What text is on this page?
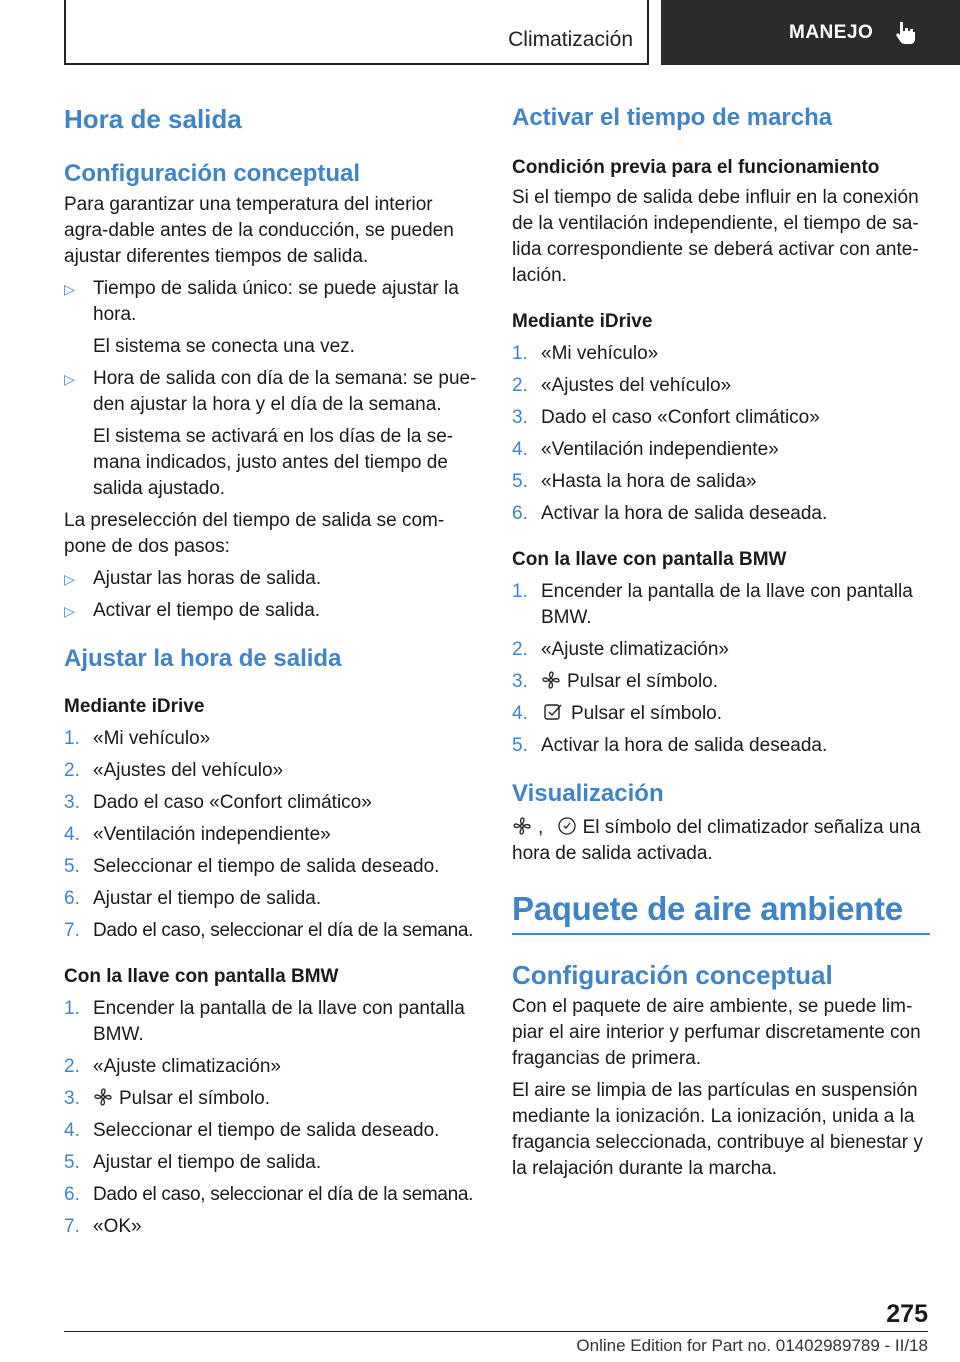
Climatización	MANEJO
Hora de salida
Configuración conceptual

Para garantizar una temperatura del interior agra-dable antes de la conducción, se pueden ajustar diferentes tiempos de salida.

▷ Tiempo de salida único: se puede ajustar la hora.
El sistema se conecta una vez.
▷ Hora de salida con día de la semana: se pue-den ajustar la hora y el día de la semana.
El sistema se activará en los días de la se-mana indicados, justo antes del tiempo de salida ajustado.

La preselección del tiempo de salida se com-pone de dos pasos:

▷ Ajustar las horas de salida.
▷ Activar el tiempo de salida.
Ajustar la hora de salida
Mediante iDrive
1. «Mi vehículo»
2. «Ajustes del vehículo»
3. Dado el caso «Confort climático»
4. «Ventilación independiente»
5. Seleccionar el tiempo de salida deseado.
6. Ajustar el tiempo de salida.
7. Dado el caso, seleccionar el día de la semana.
Con la llave con pantalla BMW
1. Encender la pantalla de la llave con pantalla BMW.
2. «Ajuste climatización»
3. Pulsar el símbolo.
4. Seleccionar el tiempo de salida deseado.
5. Ajustar el tiempo de salida.
6. Dado el caso, seleccionar el día de la semana.
7. «OK»
Activar el tiempo de marcha
Condición previa para el funcionamiento

Si el tiempo de salida debe influir en la conexión de la ventilación independiente, el tiempo de sa-lida correspondiente se deberá activar con ante-lación.

Mediante iDrive
1. «Mi vehículo»
2. «Ajustes del vehículo»
3. Dado el caso «Confort climático»
4. «Ventilación independiente»
5. «Hasta la hora de salida»
6. Activar la hora de salida deseada.
Con la llave con pantalla BMW
1. Encender la pantalla de la llave con pantalla BMW.
2. «Ajuste climatización»
3. Pulsar el símbolo.
4. Pulsar el símbolo.
5. Activar la hora de salida deseada.
Visualización

, El símbolo del climatizador señaliza una hora de salida activada.

Paquete de aire ambiente
Configuración conceptual

Con el paquete de aire ambiente, se puede lim-piar el aire interior y perfumar discretamente con fragancias de primera.

El aire se limpia de las partículas en suspensión mediante la ionización. La ionización, unida a la fragancia seleccionada, contribuye al bienestar y la relajación durante la marcha.

275
Online Edition for Part no. 01402989789 - II/18
